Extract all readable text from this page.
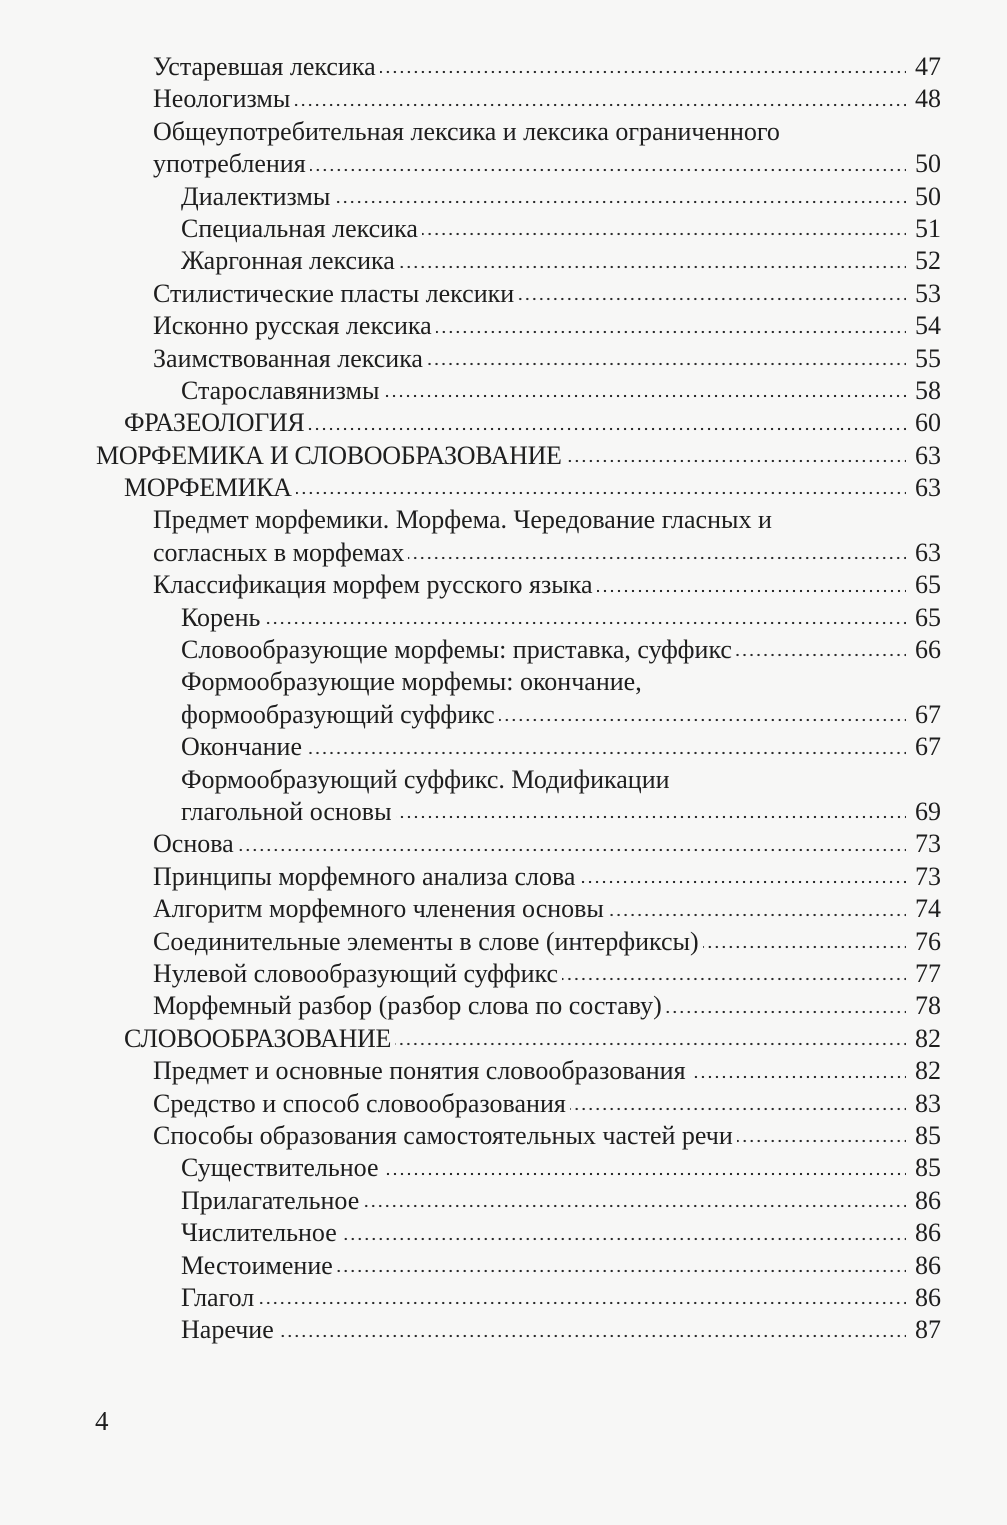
Устаревшая лексика	47
Неологизмы	48
Общеупотребительная лексика и лексика ограниченного
употребления	50
Диалектизмы	50
Специальная лексика	51
Жаргонная лексика	52
Стилистические пласты лексики	53
Исконно русская лексика	54
Заимствованная лексика	55
Старославянизмы	58
ФРАЗЕОЛОГИЯ	60
МОРФЕМИКА И СЛОВООБРАЗОВАНИЕ	63
МОРФЕМИКА	63
Предмет морфемики. Морфема. Чередование гласных и
согласных в морфемах	63
Классификация морфем русского языка	65
Корень	65
Словообразующие морфемы: приставка, суффикс	66
Формообразующие морфемы: окончание,
формообразующий суффикс	67
Окончание	67
Формообразующий суффикс. Модификации
глагольной основы	69
Основа	73
Принципы морфемного анализа слова	73
Алгоритм морфемного членения основы	74
Соединительные элементы в слове (интерфиксы)	76
Нулевой словообразующий суффикс	77
Морфемный разбор (разбор слова по составу)	78
СЛОВООБРАЗОВАНИЕ	82
Предмет и основные понятия словообразования	82
Средство и способ словообразования	83
Способы образования самостоятельных частей речи	85
Существительное	85
Прилагательное	86
Числительное	86
Местоимение	86
Глагол	86
Наречие	87
4
